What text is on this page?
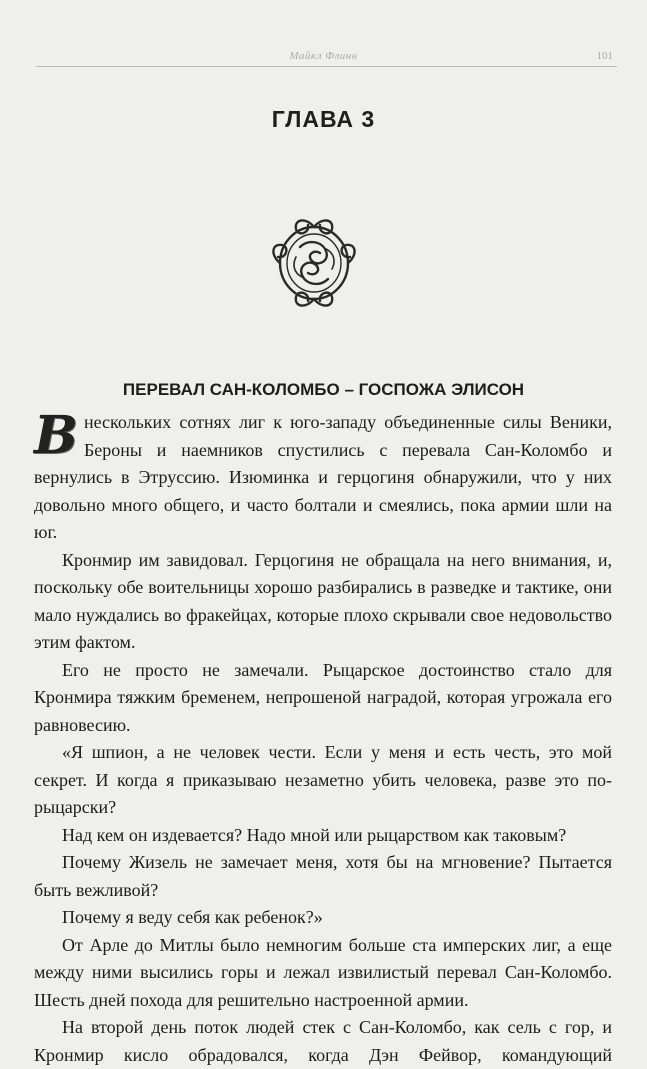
Майкл Флинн	101
ГЛАВА 3
ПЕРЕВАЛ САН-КОЛОМБО – ГОСПОЖА ЭЛИСОН

Внескольких сотнях лиг к юго-западу объединенные силы Веники, Бероны и наемников спустились с перевала Сан-Коломбо и вернулись в Этруссию. Изюминка и герцогиня обнаружили, что у них довольно много общего, и часто болтали и смеялись, пока армии шли на юг.

Кронмир им завидовал. Герцогиня не обращала на него внимания, и, поскольку обе воительницы хорошо разбирались в разведке и тактике, они мало нуждались во фракейцах, которые плохо скрывали свое недовольство этим фактом.

Его не просто не замечали. Рыцарское достоинство стало для Кронмира тяжким бременем, непрошеной наградой, которая угрожала его равновесию.

«Я шпион, а не человек чести. Если у меня и есть честь, это мой секрет. И когда я приказываю незаметно убить человека, разве это по-рыцарски?

Над кем он издевается? Надо мной или рыцарством как таковым?

Почему Жизель не замечает меня, хотя бы на мгновение? Пытается быть вежливой?

Почему я веду себя как ребенок?»

От Арле до Митлы было немногим больше ста имперских лиг, а еще между ними высились горы и лежал извилистый перевал Сан-Коломбо. Шесть дней похода для решительно настроенной армии.

На второй день поток людей стек с Сан-Коломбо, как сель с гор, и Кронмир кисло обрадовался, когда Дэн Фейвор, командующий
